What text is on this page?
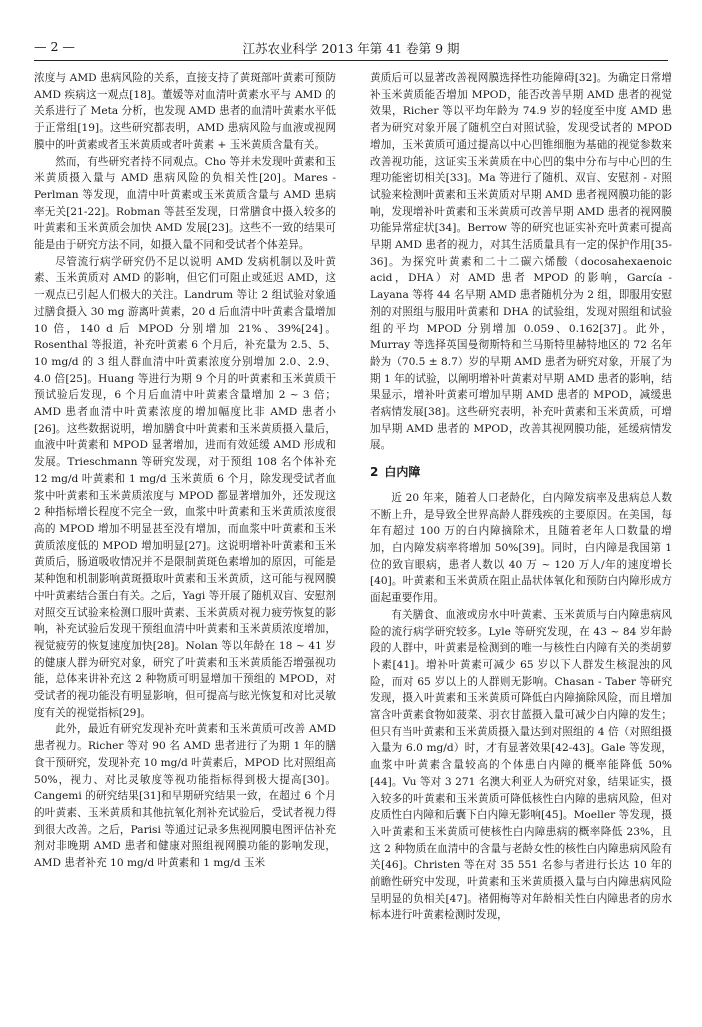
— 2 —	江苏农业科学 2013 年第 41 卷第 9 期

浓度与 AMD 患病风险的关系，直接支持了黄斑部叶黄素可预防 AMD 疾病这一观点[18]。董媛等对血清叶黄素水平与 AMD 的关系进行了 Meta 分析，也发现 AMD 患者的血清叶黄素水平低于正常组[19]。这些研究都表明，AMD 患病风险与血液或视网膜中的叶黄素或者玉米黄质或者叶黄素 + 玉米黄质含量有关。

然而，有些研究者持不同观点。Cho 等并未发现叶黄素和玉米黄质摄入量与 AMD 患病风险的负相关性[20]。Mares - Perlman 等发现，血清中叶黄素或玉米黄质含量与 AMD 患病率无关[21-22]。Robman 等甚至发现，日常膳食中摄入较多的叶黄素和玉米黄质会加快 AMD 发展[23]。这些不一致的结果可能是由于研究方法不同，如摄入量不同和受试者个体差异。

尽管流行病学研究仍不足以说明 AMD 发病机制以及叶黄素、玉米黄质对 AMD 的影响，但它们可阻止或延迟 AMD，这一观点已引起人们极大的关注。Landrum 等让 2 组试验对象通过膳食摄入 30 mg 游离叶黄素，20 d 后血清中叶黄素含量增加 10 倍，140 d 后 MPOD 分别增加 21%、39%[24]。Rosenthal 等报道，补充叶黄素 6 个月后，补充量为 2.5、5、10 mg/d 的 3 组人群血清中叶黄素浓度分别增加 2.0、2.9、4.0 倍[25]。Huang 等进行为期 9 个月的叶黄素和玉米黄质干预试验后发现，6 个月后血清中叶黄素含量增加 2 ~ 3 倍；AMD 患者血清中叶黄素浓度的增加幅度比非 AMD 患者小[26]。这些数据说明，增加膳食中叶黄素和玉米黄质摄入量后，血液中叶黄素和 MPOD 显著增加，进而有效延缓 AMD 形成和发展。Trieschmann 等研究发现，对于预组 108 名个体补充 12 mg/d 叶黄素和 1 mg/d 玉米黄质 6 个月，除发现受试者血浆中叶黄素和玉米黄质浓度与 MPOD 都显著增加外，还发现这 2 种指标增长程度不完全一致，血浆中叶黄素和玉米黄质浓度很高的 MPOD 增加不明显甚至没有增加，而血浆中叶黄素和玉米黄质浓度低的 MPOD 增加明显[27]。这说明增补叶黄素和玉米黄质后，肠道吸收情况并不是限制黄斑色素增加的原因，可能是某种饱和机制影响黄斑摄取叶黄素和玉米黄质，这可能与视网膜中叶黄素结合蛋白有关。之后，Yagi 等开展了随机双盲、安慰剂对照交互试验来检测口服叶黄素、玉米黄质对视力疲劳恢复的影响，补充试验后发现干预组血清中叶黄素和玉米黄质浓度增加，视觉疲劳的恢复速度加快[28]。Nolan 等以年龄在 18 ~ 41 岁的健康人群为研究对象，研究了叶黄素和玉米黄质能否增强视功能，总体来讲补充这 2 种物质可明显增加干预组的 MPOD，对受试者的视功能没有明显影响，但可提高与眩光恢复和对比灵敏度有关的视觉指标[29]。

此外，最近有研究发现补充叶黄素和玉米黄质可改善 AMD 患者视力。Richer 等对 90 名 AMD 患者进行了为期 1 年的膳食干预研究，发现补充 10 mg/d 叶黄素后，MPOD 比对照组高 50%，视力、对比灵敏度等视功能指标得到极大提高[30]。Cangemi 的研究结果[31]和早期研究结果一致，在超过 6 个月的叶黄素、玉米黄质和其他抗氧化剂补充试验后，受试者视力得到很大改善。之后，Parisi 等通过记录多焦视网膜电图评估补充剂对非晚期 AMD 患者和健康对照组视网膜功能的影响发现，AMD 患者补充 10 mg/d 叶黄素和 1 mg/d 玉米

黄质后可以显著改善视网膜选择性功能障碍[32]。为确定日常增补玉米黄质能否增加 MPOD，能否改善早期 AMD 患者的视觉效果，Richer 等以平均年龄为 74.9 岁的轻度至中度 AMD 患者为研究对象开展了随机空白对照试验，发现受试者的 MPOD 增加，玉米黄质可通过提高以中心凹锥细胞为基础的视觉参数来改善视功能，这证实玉米黄质在中心凹的集中分布与中心凹的生理功能密切相关[33]。Ma 等进行了随机、双盲、安慰剂 - 对照试验来检测叶黄素和玉米黄质对早期 AMD 患者视网膜功能的影响，发现增补叶黄素和玉米黄质可改善早期 AMD 患者的视网膜功能异常症状[34]。Berrow 等的研究也证实补充叶黄素可提高早期 AMD 患者的视力，对其生活质量具有一定的保护作用[35-36]。为探究叶黄素和二十二碳六烯酸（docosahexaenoic acid，DHA）对 AMD 患者 MPOD 的影响，García - Layana 等将 44 名早期 AMD 患者随机分为 2 组，即服用安慰剂的对照组与服用叶黄素和 DHA 的试验组，发现对照组和试验组的平均 MPOD 分别增加 0.059、0.162[37]。此外，Murray 等选择英国曼彻斯特和兰马斯特里赫特地区的 72 名年龄为（70.5 ± 8.7）岁的早期 AMD 患者为研究对象，开展了为期 1 年的试验，以阐明增补叶黄素对早期 AMD 患者的影响，结果显示，增补叶黄素可增加早期 AMD 患者的 MPOD，减缓患者病情发展[38]。这些研究表明，补充叶黄素和玉米黄质，可增加早期 AMD 患者的 MPOD，改善其视网膜功能，延缓病情发展。

2 白内障

近 20 年来，随着人口老龄化，白内障发病率及患病总人数不断上升，是导致全世界高龄人群残疾的主要原因。在美国，每年有超过 100 万的白内障摘除术，且随着老年人口数量的增加，白内障发病率将增加 50%[39]。同时，白内障是我国第 1 位的致盲眼病，患者人数以 40 万 ~ 120 万人/年的速度增长[40]。叶黄素和玉米黄质在阻止晶状体氧化和预防白内障形成方面起重要作用。

有关膳食、血液或房水中叶黄素、玉米黄质与白内障患病风险的流行病学研究较多。Lyle 等研究发现，在 43 ~ 84 岁年龄段的人群中，叶黄素是检测到的唯一与核性白内障有关的类胡萝卜素[41]。增补叶黄素可减少 65 岁以下人群发生核混浊的风险，而对 65 岁以上的人群则无影响。Chasan - Taber 等研究发现，摄入叶黄素和玉米黄质可降低白内障摘除风险，而且增加富含叶黄素食物如菠菜、羽衣甘蓝摄入量可减少白内障的发生；但只有当叶黄素和玉米黄质摄入量达到对照组的 4 倍（对照组摄入量为 6.0 mg/d）时，才有显著效果[42-43]。Gale 等发现，血浆中叶黄素含量较高的个体患白内障的概率能降低 50%[44]。Vu 等对 3 271 名澳大利亚人为研究对象，结果证实，摄入较多的叶黄素和玉米黄质可降低核性白内障的患病风险，但对皮质性白内障和后囊下白内障无影响[45]。Moeller 等发现，摄入叶黄素和玉米黄质可使核性白内障患病的概率降低 23%，且这 2 种物质在血清中的含量与老龄女性的核性白内障患病风险有关[46]。Christen 等在对 35 551 名参与者进行长达 10 年的前瞻性研究中发现，叶黄素和玉米黄质摄入量与白内障患病风险呈明显的负相关[47]。褚佣梅等对年龄相关性白内障患者的房水标本进行叶黄素检测时发现，
